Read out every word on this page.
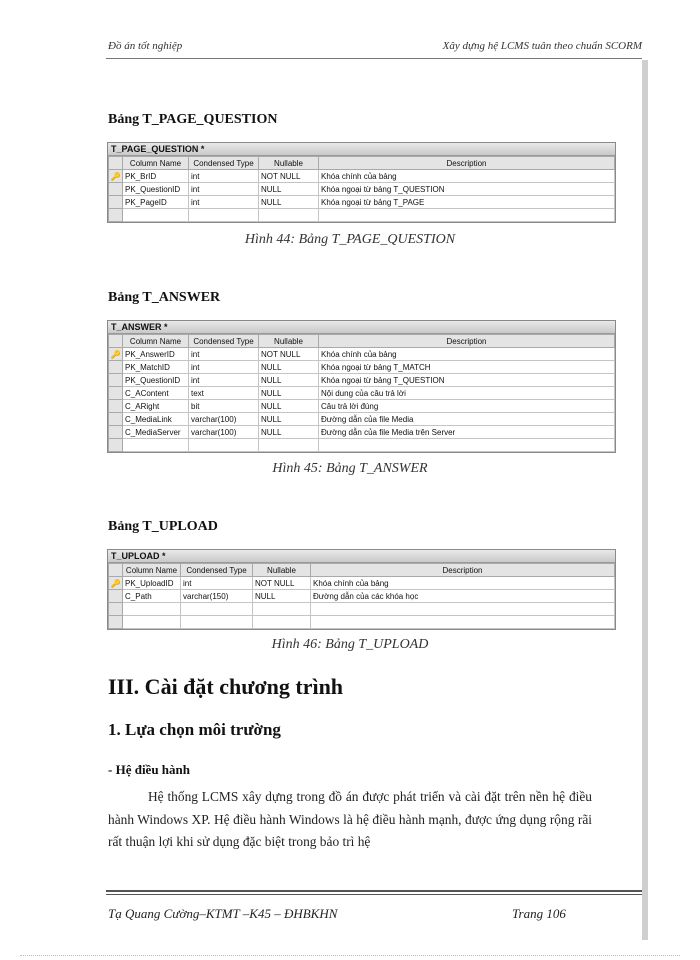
Đồ án tốt nghiệp	Xây dựng hệ LCMS tuân theo chuẩn SCORM
Bảng T_PAGE_QUESTION
T_PAGE_QUESTION *
	Column Name	Condensed Type	Nullable	Description
🔑	PK_BrID	int	NOT NULL	Khóa chính của bảng
	PK_QuestionID	int	NULL	Khóa ngoại từ bảng T_QUESTION
	PK_PageID	int	NULL	Khóa ngoại từ bảng T_PAGE

Hình 44: Bảng T_PAGE_QUESTION
Bảng T_ANSWER
T_ANSWER *
	Column Name	Condensed Type	Nullable	Description
🔑	PK_AnswerID	int	NOT NULL	Khóa chính của bảng
	PK_MatchID	int	NULL	Khóa ngoại từ bảng T_MATCH
	PK_QuestionID	int	NULL	Khóa ngoại từ bảng T_QUESTION
	C_AContent	text	NULL	Nội dung của câu trả lời
	C_ARight	bit	NULL	Câu trả lời đúng
	C_MediaLink	varchar(100)	NULL	Đường dẫn của file Media
	C_MediaServer	varchar(100)	NULL	Đường dẫn của file Media trên Server

Hình 45: Bảng T_ANSWER
Bảng T_UPLOAD
T_UPLOAD *
	Column Name	Condensed Type	Nullable	Description
🔑	PK_UploadID	int	NOT NULL	Khóa chính của bảng
	C_Path	varchar(150)	NULL	Đường dẫn của các khóa học

Hình 46: Bảng T_UPLOAD
III. Cài đặt chương trình
1. Lựa chọn môi trường
- Hệ điều hành
Hệ thống LCMS xây dựng trong đồ án được phát triển và cài đặt trên nền hệ điều hành Windows XP. Hệ điều hành Windows là hệ điều hành mạnh, được ứng dụng rộng rãi rất thuận lợi khi sử dụng đặc biệt trong bảo trì hệ
Tạ Quang Cường–KTMT –K45 – ĐHBKHN	Trang 106
